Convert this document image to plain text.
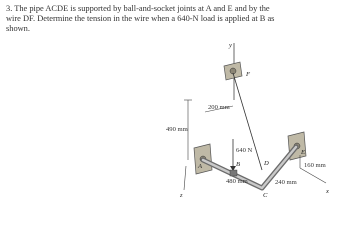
3. The pipe ACDE is supported by ball-and-socket joints at A and E and by the
wire DF. Determine the tension in the wire when a 640-N load is applied at B as
shown.
y
F
A
E
640 N
B
C
D
490 mm
200 mm
480 mm
160 mm
240 mm
z
x
